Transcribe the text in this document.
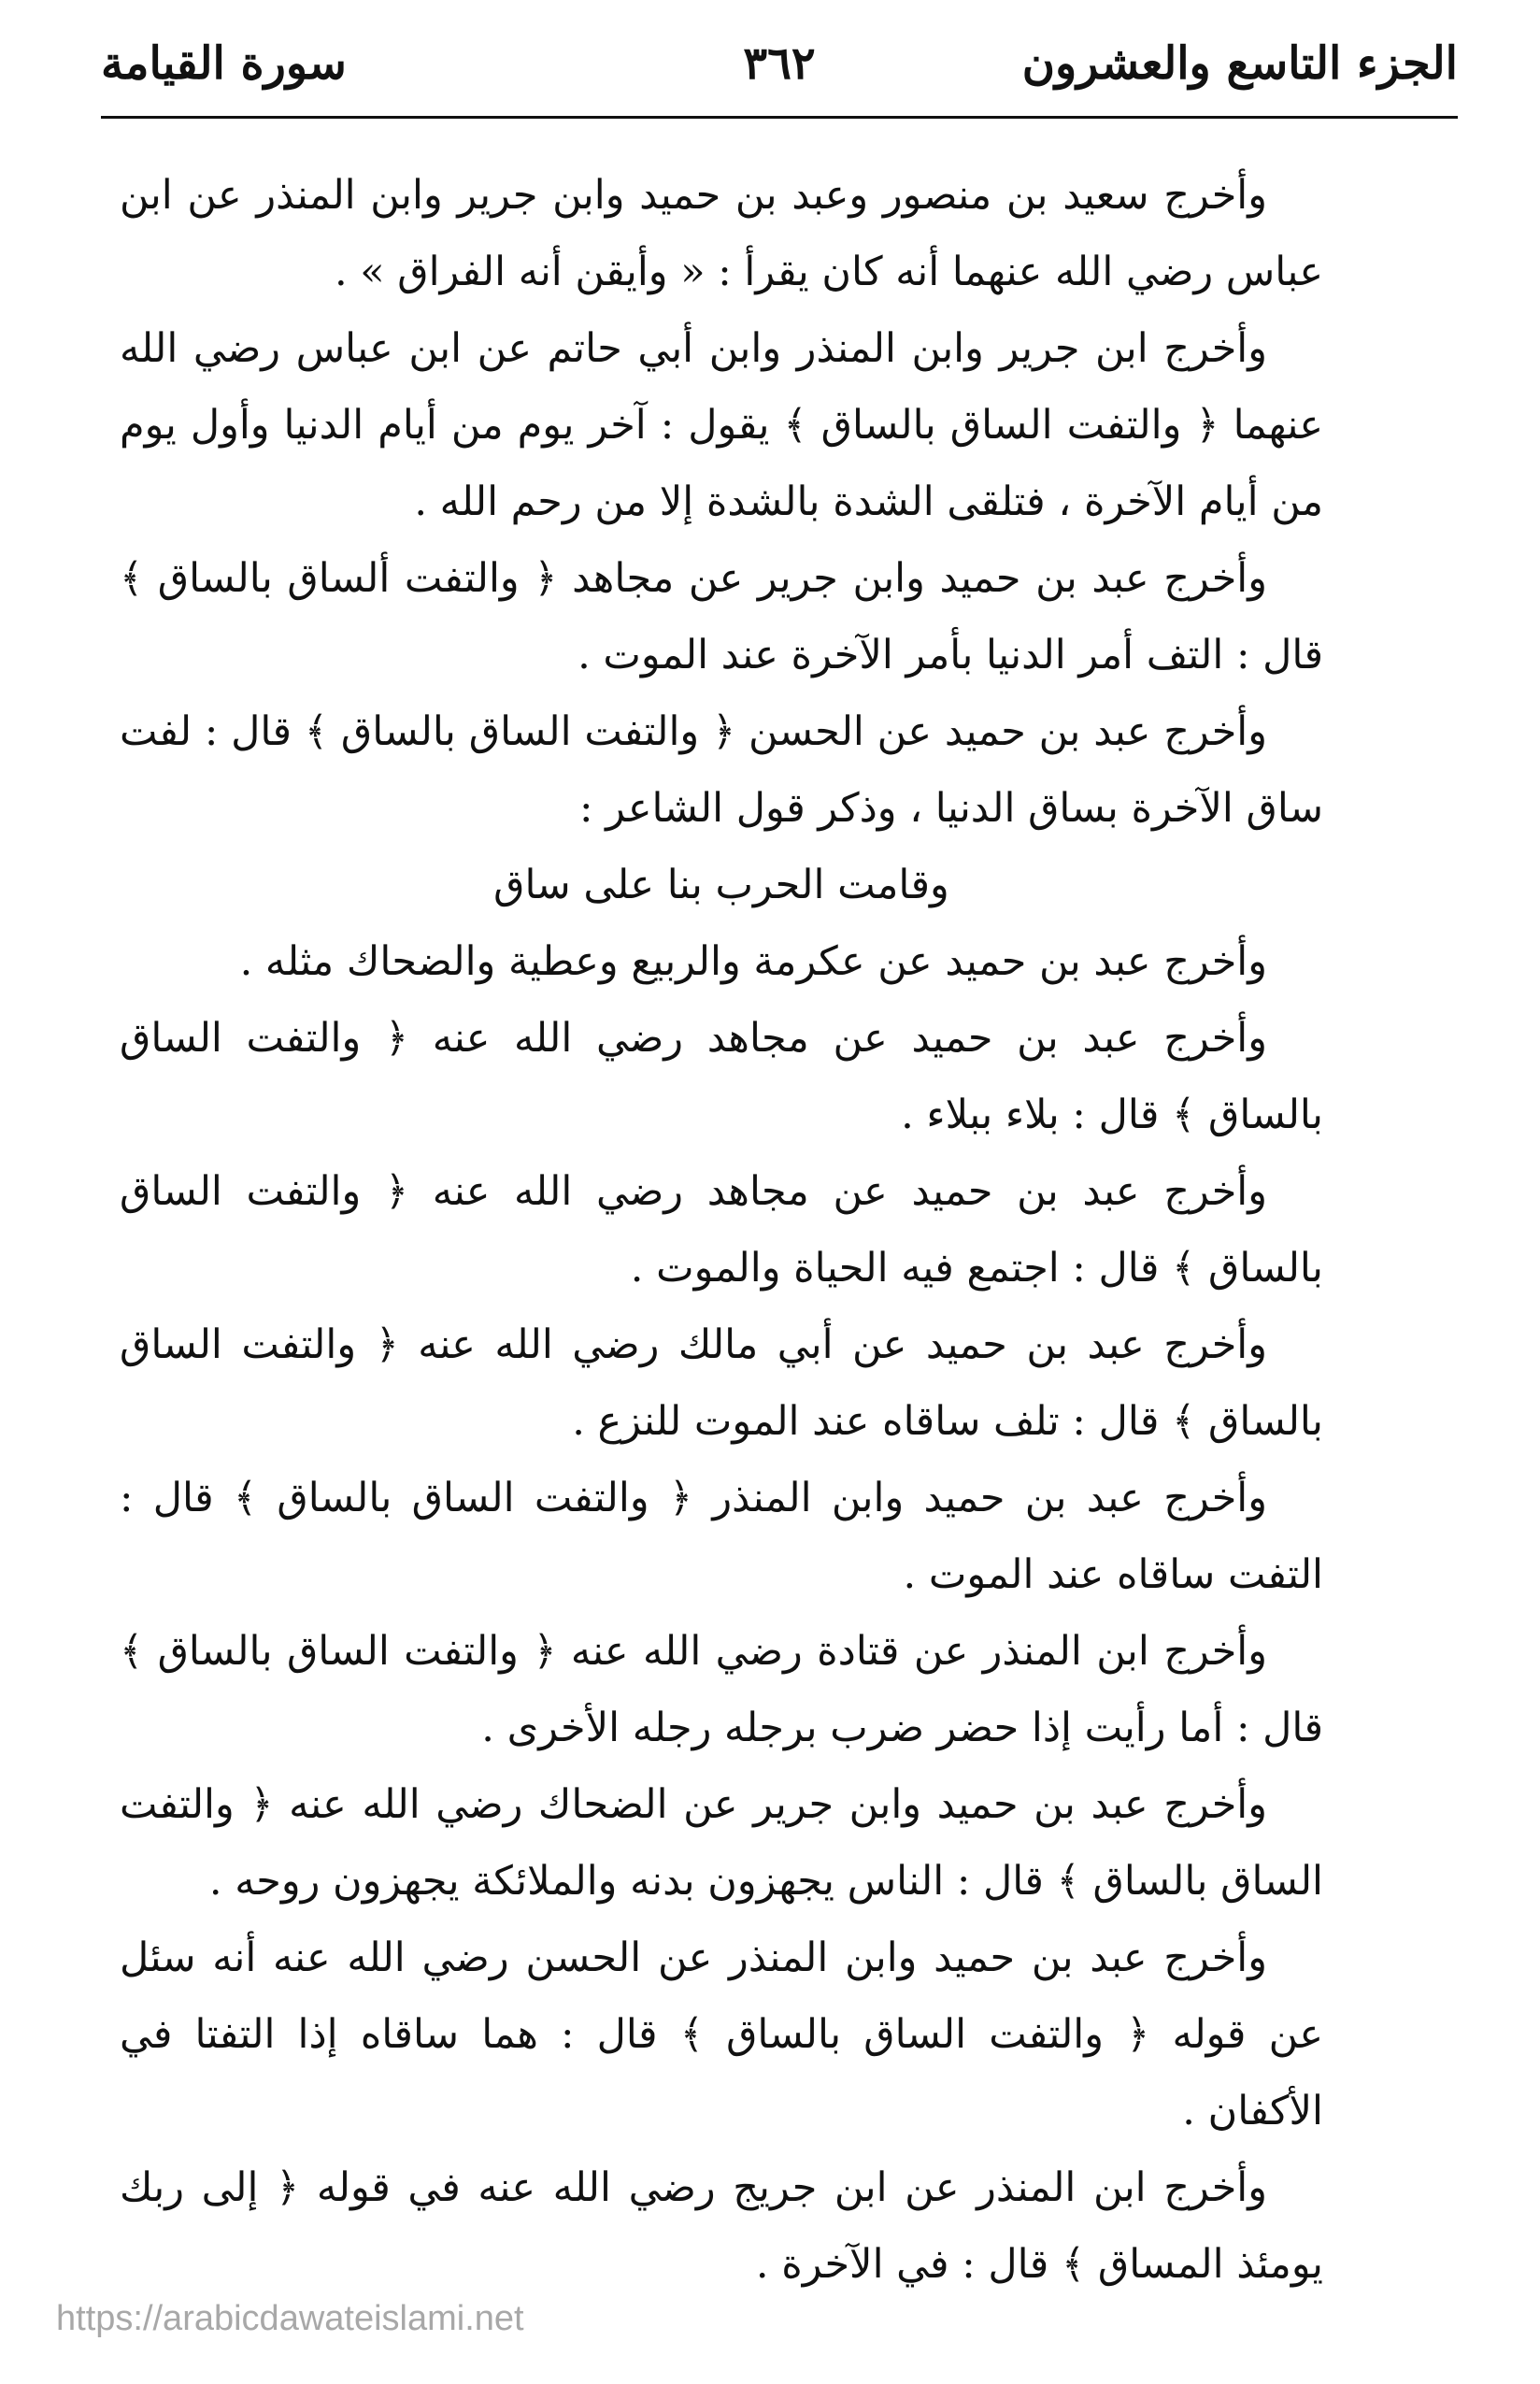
الجزء التاسع والعشرون
٣٦٢
سورة القيامة

وأخرج سعيد بن منصور وعبد بن حميد وابن جرير وابن المنذر عن ابن عباس رضي الله عنهما أنه كان يقرأ : « وأيقن أنه الفراق » .

وأخرج ابن جرير وابن المنذر وابن أبي حاتم عن ابن عباس رضي الله عنهما ﴿ والتفت الساق بالساق ﴾ يقول : آخر يوم من أيام الدنيا وأول يوم من أيام الآخرة ، فتلقى الشدة بالشدة إلا من رحم الله .

وأخرج عبد بن حميد وابن جرير عن مجاهد ﴿ والتفت ألساق بالساق ﴾ قال : التف أمر الدنيا بأمر الآخرة عند الموت .

وأخرج عبد بن حميد عن الحسن ﴿ والتفت الساق بالساق ﴾ قال : لفت ساق الآخرة بساق الدنيا ، وذكر قول الشاعر :

وقامت الحرب بنا على ساق

وأخرج عبد بن حميد عن عكرمة والربيع وعطية والضحاك مثله .

وأخرج عبد بن حميد عن مجاهد رضي الله عنه ﴿ والتفت الساق بالساق ﴾ قال : بلاء ببلاء .

وأخرج عبد بن حميد عن مجاهد رضي الله عنه ﴿ والتفت الساق بالساق ﴾ قال : اجتمع فيه الحياة والموت .

وأخرج عبد بن حميد عن أبي مالك رضي الله عنه ﴿ والتفت الساق بالساق ﴾ قال : تلف ساقاه عند الموت للنزع .

وأخرج عبد بن حميد وابن المنذر ﴿ والتفت الساق بالساق ﴾ قال : التفت ساقاه عند الموت .

وأخرج ابن المنذر عن قتادة رضي الله عنه ﴿ والتفت الساق بالساق ﴾ قال : أما رأيت إذا حضر ضرب برجله رجله الأخرى .

وأخرج عبد بن حميد وابن جرير عن الضحاك رضي الله عنه ﴿ والتفت الساق بالساق ﴾ قال : الناس يجهزون بدنه والملائكة يجهزون روحه .

وأخرج عبد بن حميد وابن المنذر عن الحسن رضي الله عنه أنه سئل عن قوله ﴿ والتفت الساق بالساق ﴾ قال : هما ساقاه إذا التفتا في الأكفان .

وأخرج ابن المنذر عن ابن جريج رضي الله عنه في قوله ﴿ إلى ربك يومئذ المساق ﴾ قال : في الآخرة .

https://arabicdawateislami.net
